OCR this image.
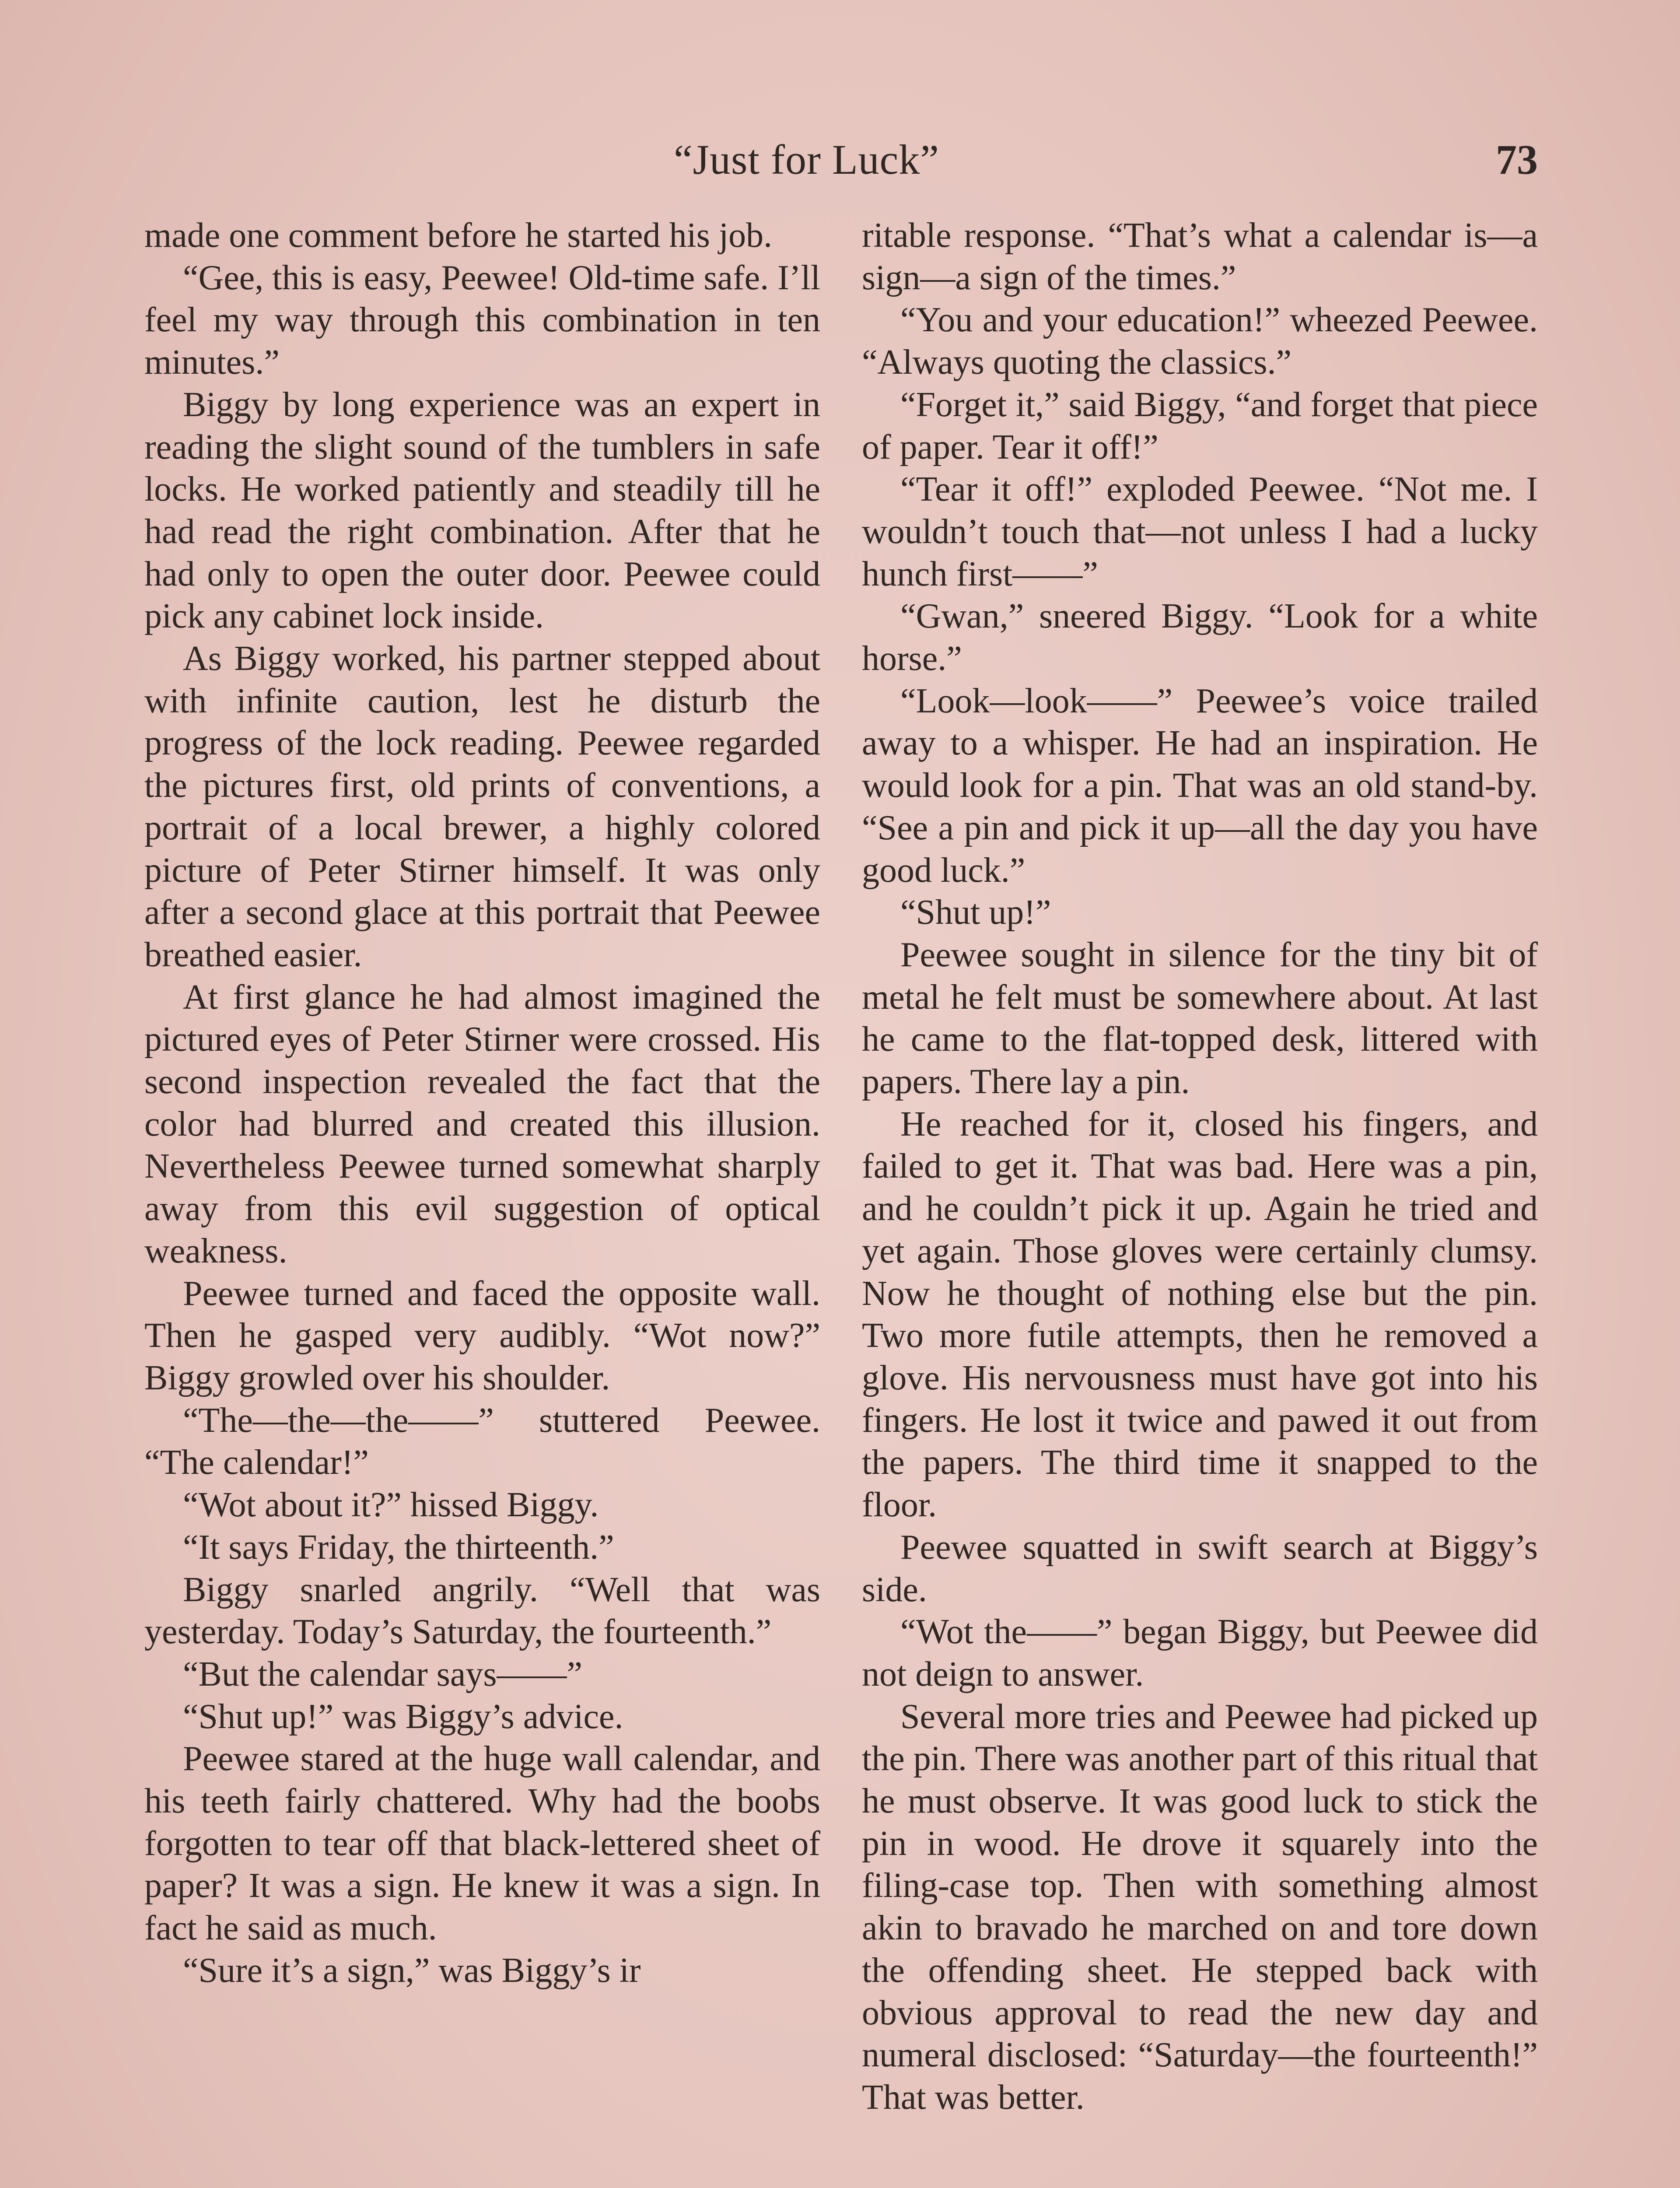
“Just for Luck”	73

made one comment before he started his job.

“Gee, this is easy, Peewee! Old-time safe. I’ll feel my way through this combination in ten minutes.”

Biggy by long experience was an expert in reading the slight sound of the tumblers in safe locks. He worked patiently and steadily till he had read the right combination. After that he had only to open the outer door. Peewee could pick any cabinet lock inside.

As Biggy worked, his partner stepped about with infinite caution, lest he disturb the progress of the lock reading. Peewee regarded the pictures first, old prints of conventions, a portrait of a local brewer, a highly colored picture of Peter Stirner himself. It was only after a second glace at this portrait that Peewee breathed easier.

At first glance he had almost imagined the pictured eyes of Peter Stirner were crossed. His second inspection revealed the fact that the color had blurred and created this illusion. Nevertheless Peewee turned somewhat sharply away from this evil suggestion of optical weakness.

Peewee turned and faced the opposite wall. Then he gasped very audibly. “Wot now?” Biggy growled over his shoulder.

“The—the—the——” stuttered Peewee. “The calendar!”

“Wot about it?” hissed Biggy.

“It says Friday, the thirteenth.”

Biggy snarled angrily. “Well that was yesterday. Today’s Saturday, the fourteenth.”

“But the calendar says——”

“Shut up!” was Biggy’s advice.

Peewee stared at the huge wall calendar, and his teeth fairly chattered. Why had the boobs forgotten to tear off that black-lettered sheet of paper? It was a sign. He knew it was a sign. In fact he said as much.

“Sure it’s a sign,” was Biggy’s ir

ritable response. “That’s what a calendar is—a sign—a sign of the times.”

“You and your education!” wheezed Peewee. “Always quoting the classics.”

“Forget it,” said Biggy, “and forget that piece of paper. Tear it off!”

“Tear it off!” exploded Peewee. “Not me. I wouldn’t touch that—not unless I had a lucky hunch first——”

“Gwan,” sneered Biggy. “Look for a white horse.”

“Look—look——” Peewee’s voice trailed away to a whisper. He had an inspiration. He would look for a pin. That was an old stand-by. “See a pin and pick it up—all the day you have good luck.”

“Shut up!”

Peewee sought in silence for the tiny bit of metal he felt must be somewhere about. At last he came to the flat-topped desk, littered with papers. There lay a pin.

He reached for it, closed his fingers, and failed to get it. That was bad. Here was a pin, and he couldn’t pick it up. Again he tried and yet again. Those gloves were certainly clumsy. Now he thought of nothing else but the pin. Two more futile attempts, then he removed a glove. His nervousness must have got into his fingers. He lost it twice and pawed it out from the papers. The third time it snapped to the floor.

Peewee squatted in swift search at Biggy’s side.

“Wot the——” began Biggy, but Peewee did not deign to answer.

Several more tries and Peewee had picked up the pin. There was another part of this ritual that he must observe. It was good luck to stick the pin in wood. He drove it squarely into the filing-case top. Then with something almost akin to bravado he marched on and tore down the offending sheet. He stepped back with obvious approval to read the new day and numeral disclosed: “Saturday—the fourteenth!” That was better.
